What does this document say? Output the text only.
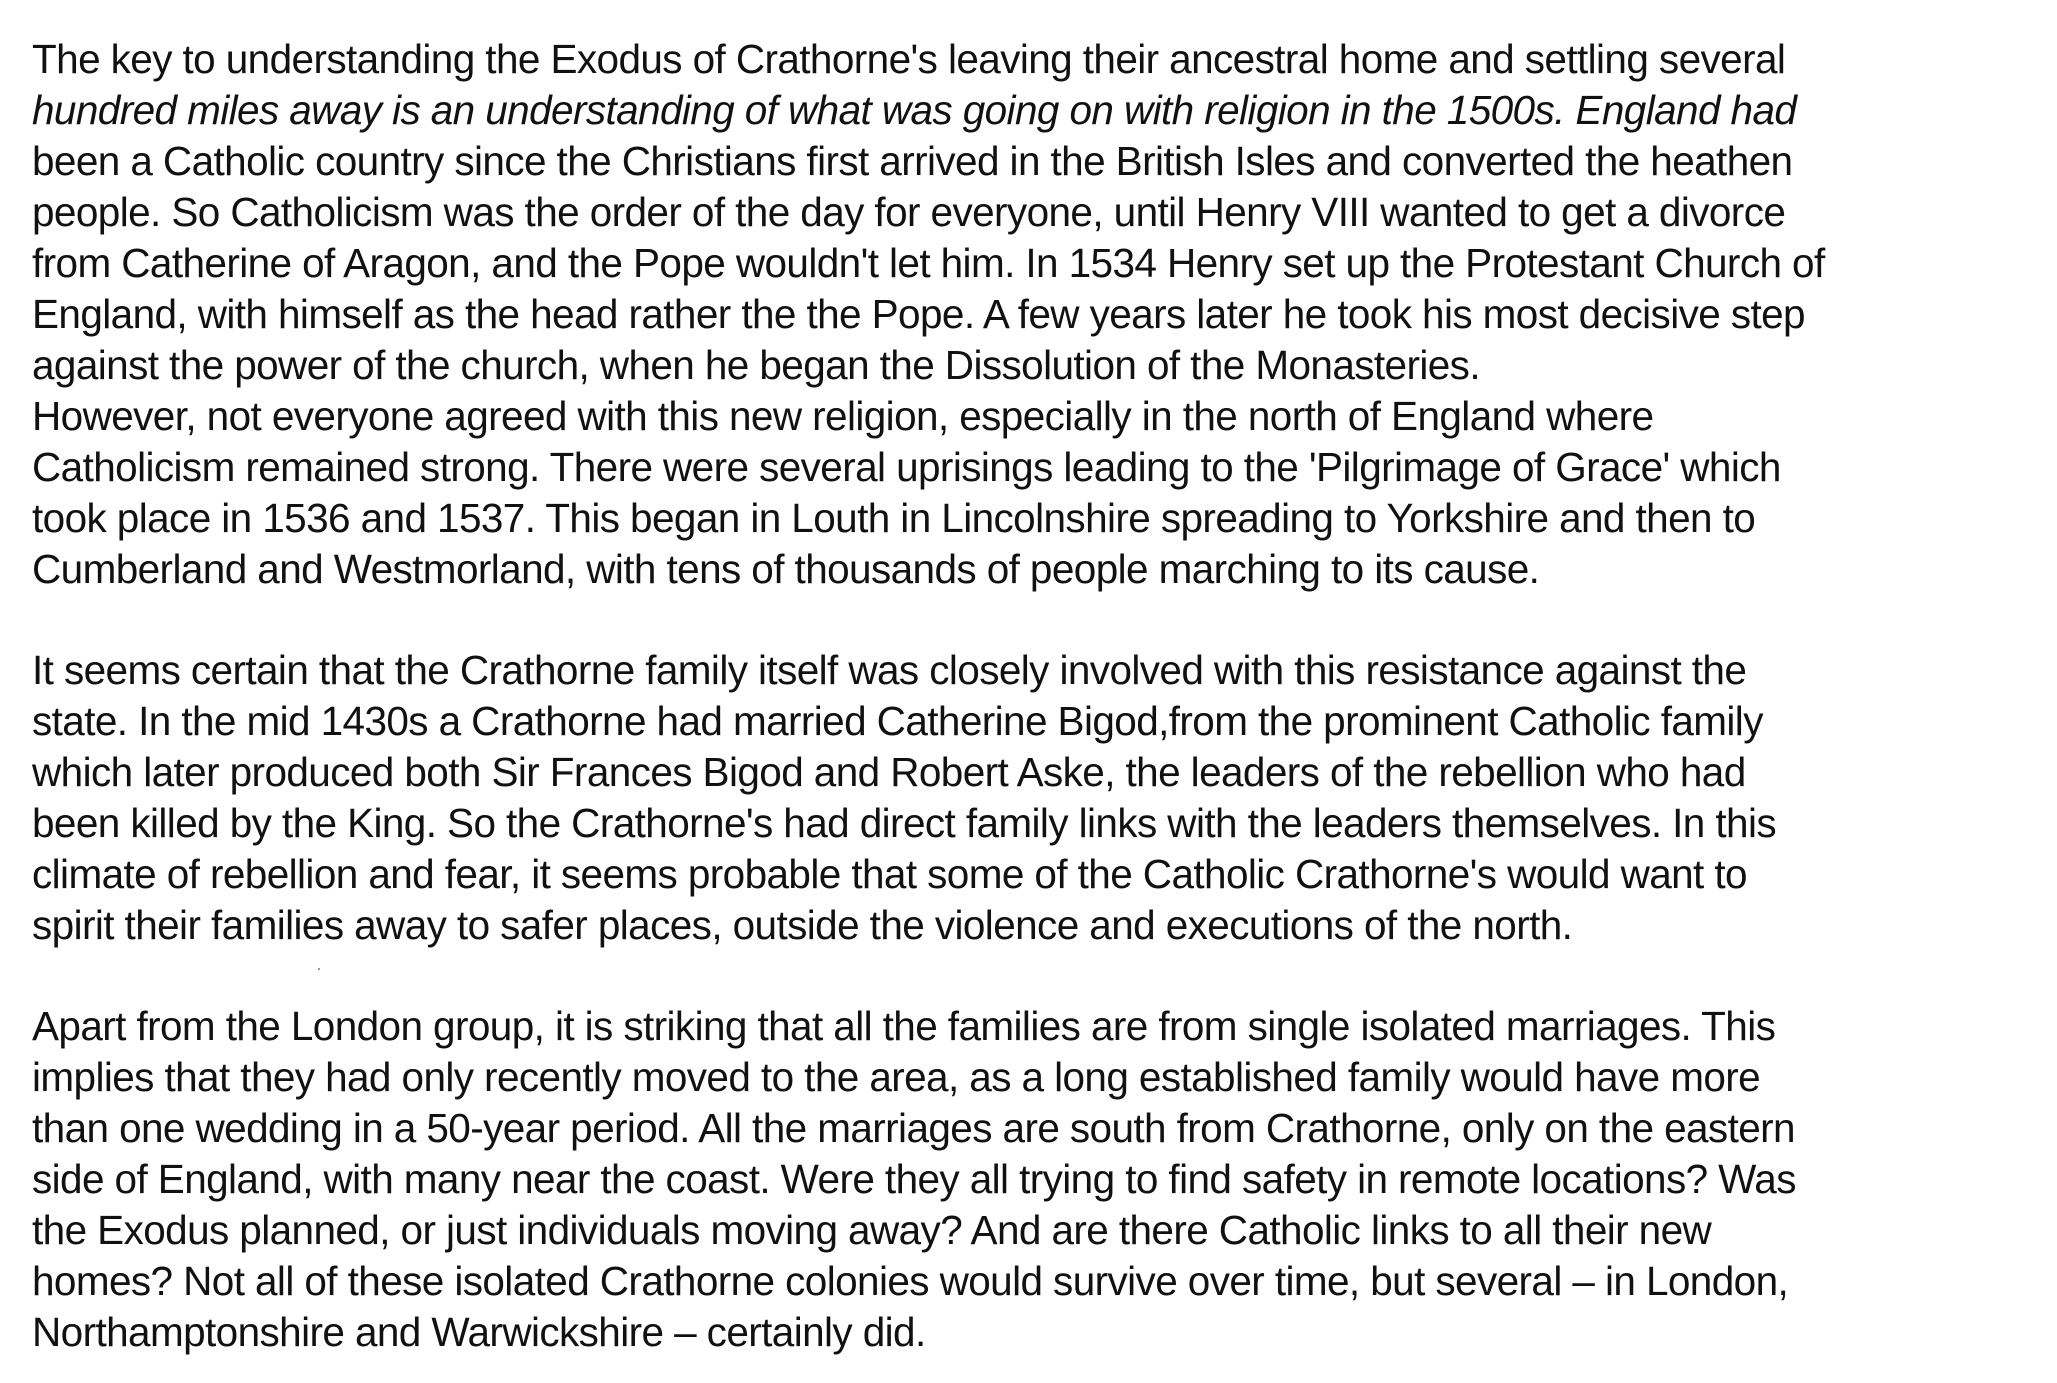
The key to understanding the Exodus of Crathorne's leaving their ancestral home and settling several
hundred miles away is an understanding of what was going on with religion in the 1500s. England had
been a Catholic country since the Christians first arrived in the British Isles and converted the heathen
people. So Catholicism was the order of the day for everyone, until Henry VIII wanted to get a divorce
from Catherine of Aragon, and the Pope wouldn't let him. In 1534 Henry set up the Protestant Church of
England, with himself as the head rather the the Pope. A few years later he took his most decisive step
against the power of the church, when he began the Dissolution of the Monasteries.
However, not everyone agreed with this new religion, especially in the north of England where
Catholicism remained strong. There were several uprisings leading to the 'Pilgrimage of Grace' which
took place in 1536 and 1537. This began in Louth in Lincolnshire spreading to Yorkshire and then to
Cumberland and Westmorland, with tens of thousands of people marching to its cause.
It seems certain that the Crathorne family itself was closely involved with this resistance against the
state. In the mid 1430s a Crathorne had married Catherine Bigod,from the prominent Catholic family
which later produced both Sir Frances Bigod and Robert Aske, the leaders of the rebellion who had
been killed by the King. So the Crathorne's had direct family links with the leaders themselves. In this
climate of rebellion and fear, it seems probable that some of the Catholic Crathorne's would want to
spirit their families away to safer places, outside the violence and executions of the north.
Apart from the London group, it is striking that all the families are from single isolated marriages. This
implies that they had only recently moved to the area, as a long established family would have more
than one wedding in a 50-year period. All the marriages are south from Crathorne, only on the eastern
side of England, with many near the coast. Were they all trying to find safety in remote locations? Was
the Exodus planned, or just individuals moving away? And are there Catholic links to all their new
homes? Not all of these isolated Crathorne colonies would survive over time, but several – in London,
Northamptonshire and Warwickshire – certainly did.
